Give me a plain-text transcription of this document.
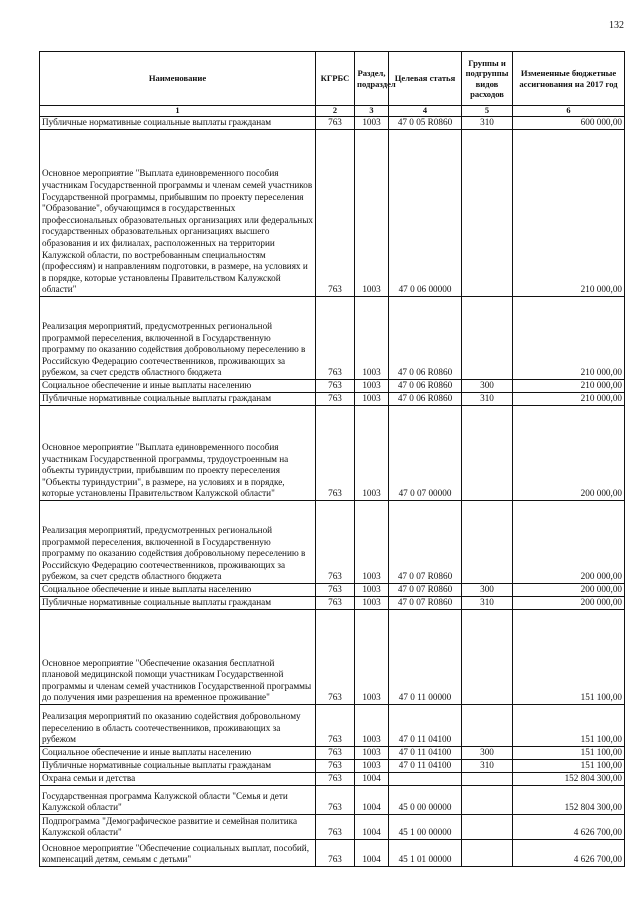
132
Наименование	КГРБС	Раздел, подраздел	Целевая статья	Группы и подгруппы видов расходов	Измененные бюджетные ассигнования на 2017 год
1	2	3	4	5	6
Публичные нормативные социальные выплаты гражданам	763	1003	47 0 05 R0860	310	600 000,00
Основное мероприятие "Выплата единовременного пособия участникам Государственной программы и членам семей участников Государственной программы, прибывшим по проекту переселения "Образование", обучающимся в государственных профессиональных образовательных организациях или федеральных государственных образовательных организациях высшего образования и их филиалах, расположенных на территории Калужской области, по востребованным специальностям (профессиям) и направлениям подготовки, в размере, на условиях и в порядке, которые установлены Правительством Калужской области"	763	1003	47 0 06 00000		210 000,00
Реализация мероприятий, предусмотренных региональной программой переселения, включенной в Государственную программу по оказанию содействия добровольному переселению в Российскую Федерацию соотечественников, проживающих за рубежом, за счет средств областного бюджета	763	1003	47 0 06 R0860		210 000,00
Социальное обеспечение и иные выплаты населению	763	1003	47 0 06 R0860	300	210 000,00
Публичные нормативные социальные выплаты гражданам	763	1003	47 0 06 R0860	310	210 000,00
Основное мероприятие "Выплата единовременного пособия участникам Государственной программы, трудоустроенным на объекты туриндустрии, прибывшим по проекту переселения "Объекты туриндустрии", в размере, на условиях и в порядке, которые установлены Правительством Калужской области"	763	1003	47 0 07 00000		200 000,00
Реализация мероприятий, предусмотренных региональной программой переселения, включенной в Государственную программу по оказанию содействия добровольному переселению в Российскую Федерацию соотечественников, проживающих за рубежом, за счет средств областного бюджета	763	1003	47 0 07 R0860		200 000,00
Социальное обеспечение и иные выплаты населению	763	1003	47 0 07 R0860	300	200 000,00
Публичные нормативные социальные выплаты гражданам	763	1003	47 0 07 R0860	310	200 000,00
Основное мероприятие "Обеспечение оказания бесплатной плановой медицинской помощи участникам Государственной программы и членам семей участников Государственной программы до получения ими разрешения на временное проживание"	763	1003	47 0 11 00000		151 100,00
Реализация мероприятий по оказанию содействия добровольному переселению в область соотечественников, проживающих за рубежом	763	1003	47 0 11 04100		151 100,00
Социальное обеспечение и иные выплаты населению	763	1003	47 0 11 04100	300	151 100,00
Публичные нормативные социальные выплаты гражданам	763	1003	47 0 11 04100	310	151 100,00
Охрана семьи и детства	763	1004			152 804 300,00
Государственная программа Калужской области "Семья и дети Калужской области"	763	1004	45 0 00 00000		152 804 300,00
Подпрограмма "Демографическое развитие и семейная политика Калужской области"	763	1004	45 1 00 00000		4 626 700,00
Основное мероприятие "Обеспечение социальных выплат, пособий, компенсаций детям, семьям с детьми"	763	1004	45 1 01 00000		4 626 700,00
